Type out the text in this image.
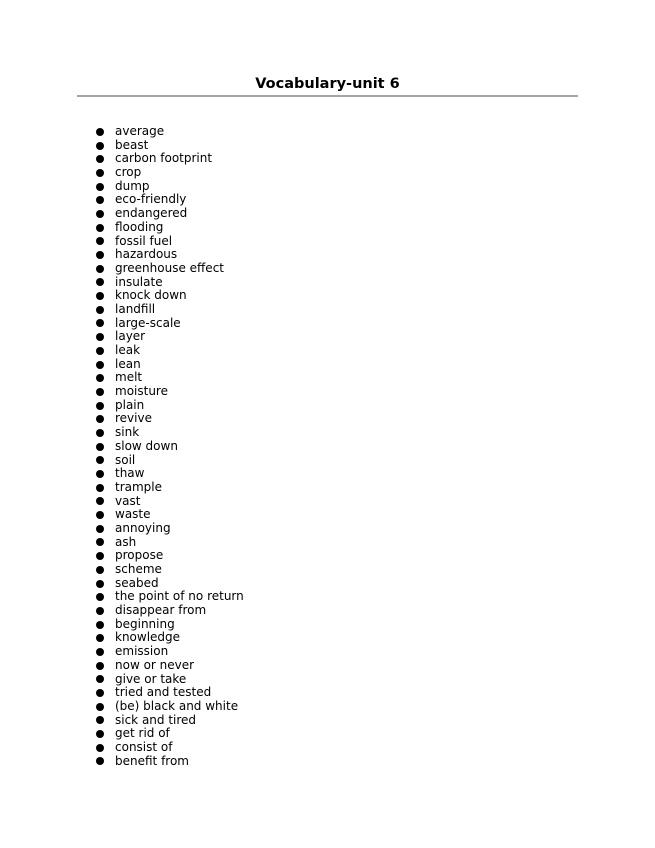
Vocabulary-unit 6
average
beast
carbon footprint
crop
dump
eco-friendly
endangered
flooding
fossil fuel
hazardous
greenhouse effect
insulate
knock down
landfill
large-scale
layer
leak
lean
melt
moisture
plain
revive
sink
slow down
soil
thaw
trample
vast
waste
annoying
ash
propose
scheme
seabed
the point of no return
disappear from
beginning
knowledge
emission
now or never
give or take
tried and tested
(be) black and white
sick and tired
get rid of
consist of
benefit from
